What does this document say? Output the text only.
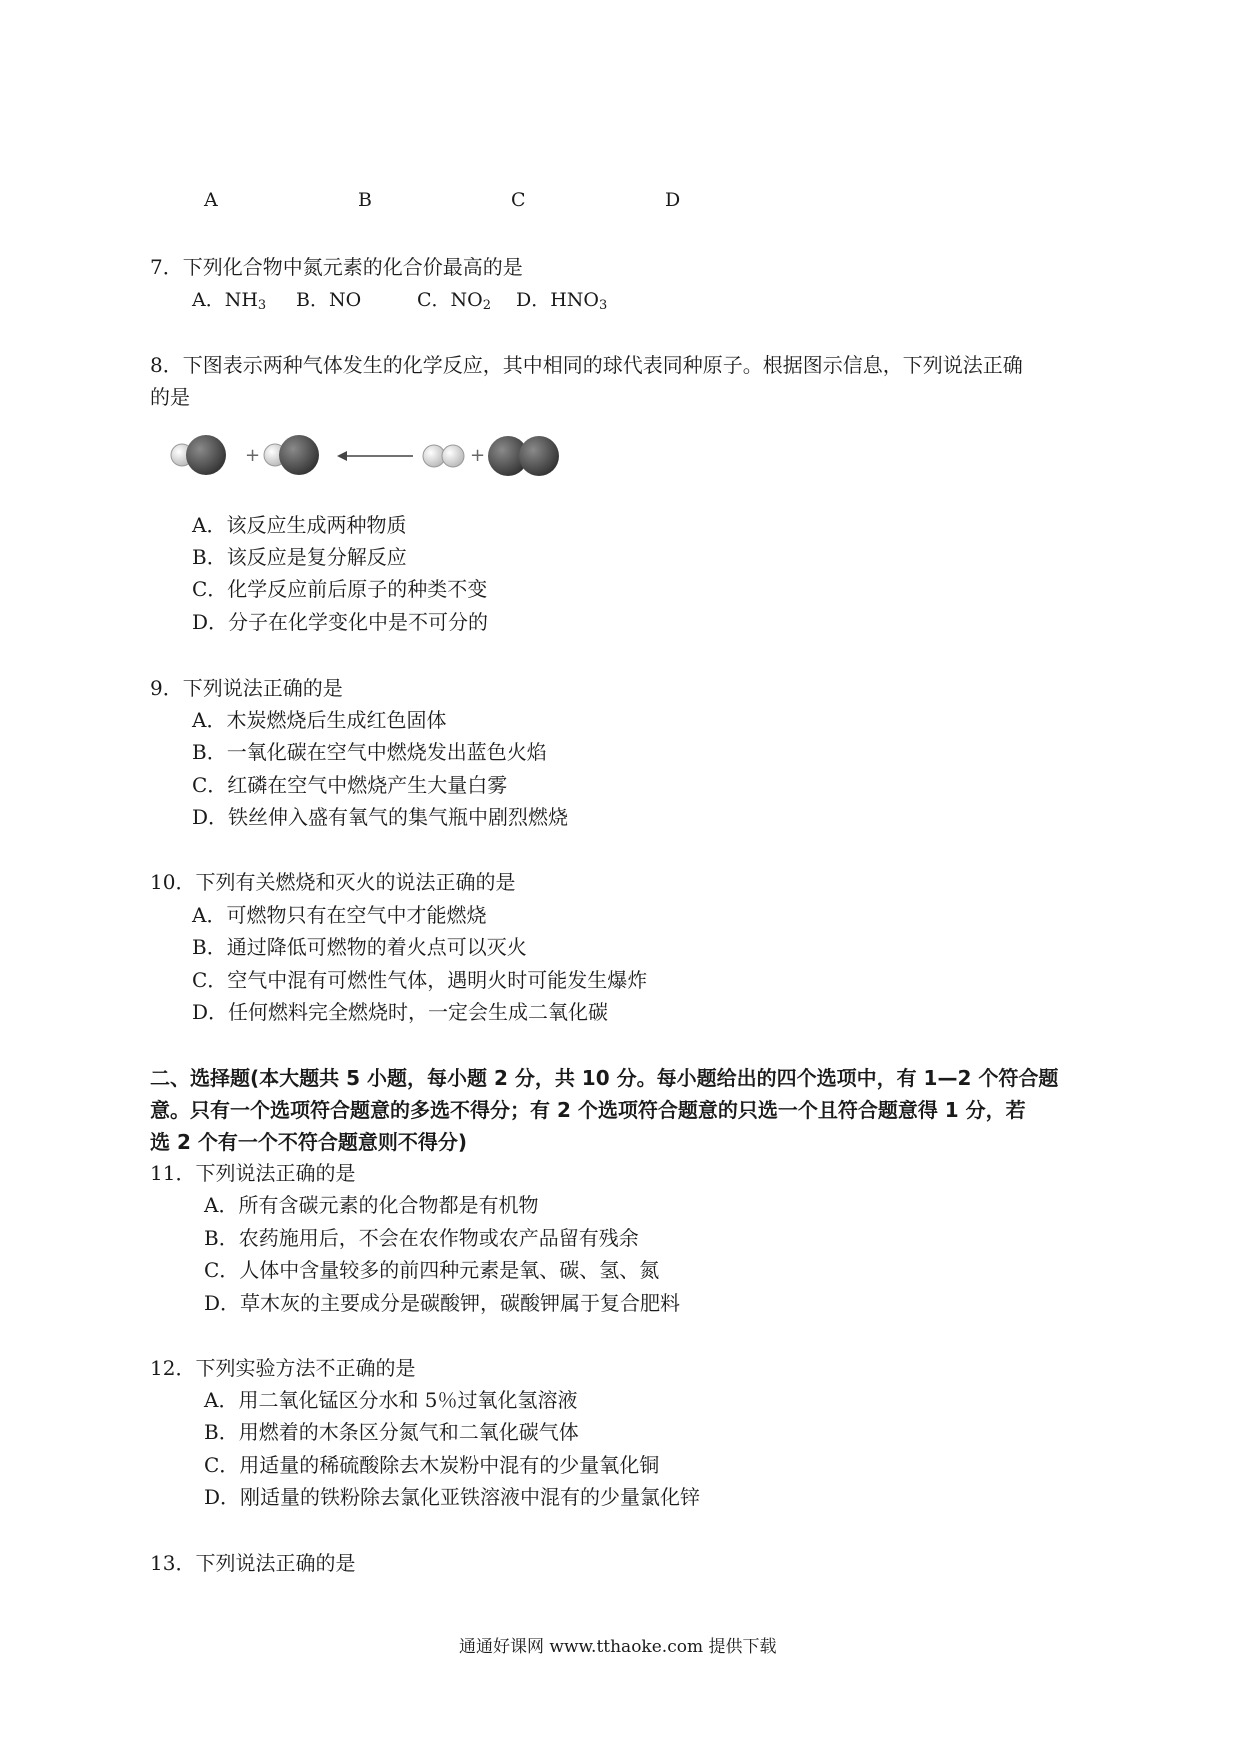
A	B	C	D
7．下列化合物中氮元素的化合价最高的是
A．$NH_3$ B．NO	C．$NO_2$	D．$HNO_3$
8．下图表示两种气体发生的化学反应，其中相同的球代表同种原子。根据图示信息，下列说法正确
的是
+	+
A．该反应生成两种物质
B．该反应是复分解反应
C．化学反应前后原子的种类不变
D．分子在化学变化中是不可分的
9．下列说法正确的是
A．木炭燃烧后生成红色固体
B．一氧化碳在空气中燃烧发出蓝色火焰
C．红磷在空气中燃烧产生大量白雾
D．铁丝伸入盛有氧气的集气瓶中剧烈燃烧
10．下列有关燃烧和灭火的说法正确的是
A．可燃物只有在空气中才能燃烧
B．通过降低可燃物的着火点可以灭火
C．空气中混有可燃性气体，遇明火时可能发生爆炸
D．任何燃料完全燃烧时，一定会生成二氧化碳
二、选择题(本大题共 5 小题，每小题 2 分，共 10 分。每小题给出的四个选项中，有 1—2 个符合题
意。只有一个选项符合题意的多选不得分；有 2 个选项符合题意的只选一个且符合题意得 1 分，若
选 2 个有一个不符合题意则不得分)
11．下列说法正确的是
A．所有含碳元素的化合物都是有机物
B．农药施用后，不会在农作物或农产品留有残余
C．人体中含量较多的前四种元素是氧、碳、氢、氮
D．草木灰的主要成分是碳酸钾，碳酸钾属于复合肥料
12．下列实验方法不正确的是
A．用二氧化锰区分水和 5％过氧化氢溶液
B．用燃着的木条区分氮气和二氧化碳气体
C．用适量的稀硫酸除去木炭粉中混有的少量氧化铜
D．刚适量的铁粉除去氯化亚铁溶液中混有的少量氯化锌
13．下列说法正确的是
通通好课网 www.tthaoke.com 提供下载
